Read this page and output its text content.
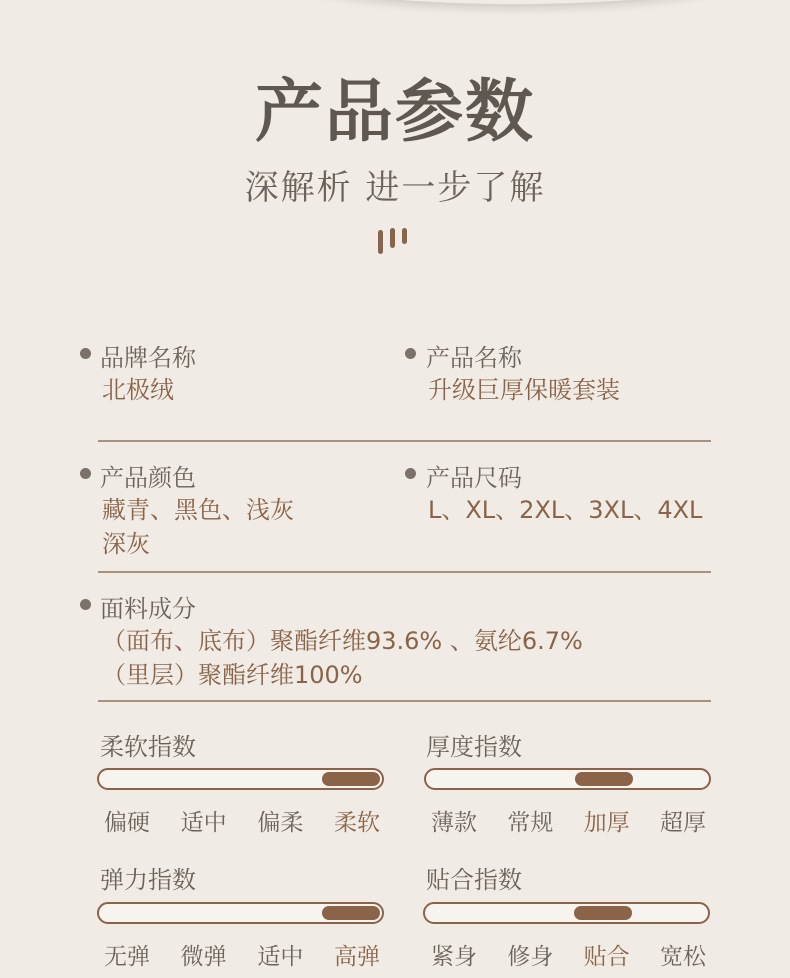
产品参数
深解析 进一步了解
品牌名称
北极绒
产品名称
升级巨厚保暖套装
产品颜色
藏青、黑色、浅灰
深灰
产品尺码
L、XL、2XL、3XL、4XL
面料成分
（面布、底布）聚酯纤维93.6% 、氨纶6.7%
（里层）聚酯纤维100%
柔软指数
偏硬 适中 偏柔 柔软
厚度指数
薄款 常规 加厚 超厚
弹力指数
无弹 微弹 适中 高弹
贴合指数
紧身 修身 贴合 宽松
